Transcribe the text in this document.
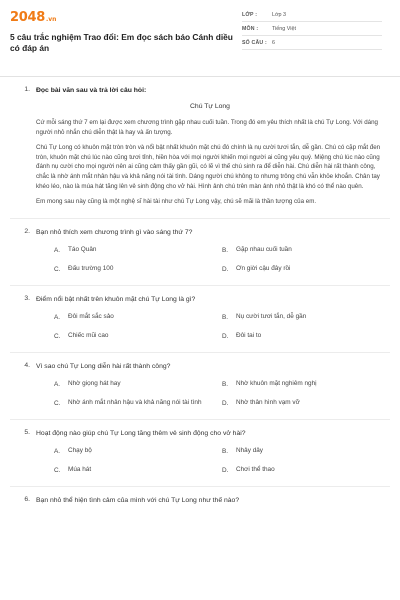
2048 .vn
5 câu trắc nghiệm Trao đổi: Em đọc sách báo Cánh diều có đáp án
LỚP :	Lớp 3
MÔN :	Tiếng Việt
SỐ CÂU : 6
1. Đọc bài văn sau và trả lời câu hỏi:
Chú Tự Long

Cứ mỗi sáng thứ 7 em lại được xem chương trình gặp nhau cuối tuần. Trong đó em yêu thích nhất là chú Tự Long. Với dáng người nhỏ nhắn chú diễn thật là hay và ấn tượng.

Chú Tự Long có khuôn mặt tròn tròn và nổi bật nhất khuôn mặt chú đó chính là nụ cười tươi tắn, dễ gần. Chú có cặp mắt đen tròn, khuôn mặt chú lúc nào cũng tươi tỉnh, hiền hòa với mọi người khiến mọi người ai cũng yêu quý. Miệng chú lúc nào cũng đánh nụ cười cho mọi người nên ai cũng cảm thấy gần gũi, có lẽ vì thế chú sinh ra để diễn hài. Chú diễn hài rất thành công, chắc là nhờ ánh mắt nhân hậu và khả năng nói tài tình. Dáng người chú không to nhưng trông chú vẫn khỏe khoắn. Chân tay khéo léo, nào là múa hát tăng lên vẻ sinh động cho vở hài. Hình ảnh chú trên màn ảnh nhỏ thật là khó có thể nào quên.

Em mong sau này cũng là một nghệ sĩ hài tài như chú Tự Long vậy, chú sẽ mãi là thần tượng của em.

2. Bạn nhỏ thích xem chương trình gì vào sáng thứ 7?
A.	Táo Quân	B.	Gặp nhau cuối tuần
C.	Đấu trường 100	D.	Ơn giời cậu đây rồi
3. Điểm nổi bật nhất trên khuôn mặt chú Tự Long là gì?
A.	Đôi mắt sắc sảo	B.	Nụ cười tươi tắn, dễ gần
C.	Chiếc mũi cao	D.	Đôi tai to
4. Vì sao chú Tự Long diễn hài rất thành công?
A.	Nhờ giọng hát hay	B.	Nhờ khuôn mặt nghiêm nghị
C.	Nhờ ánh mắt nhân hậu và khả năng nói tài tình	D.	Nhờ thân hình vạm vỡ
5. Hoạt động nào giúp chú Tự Long tăng thêm vẻ sinh động cho vở hài?
A.	Chạy bộ	B.	Nhảy dây
C.	Múa hát	D.	Chơi thể thao
6. Bạn nhỏ thể hiện tình cảm của mình với chú Tự Long như thế nào?
